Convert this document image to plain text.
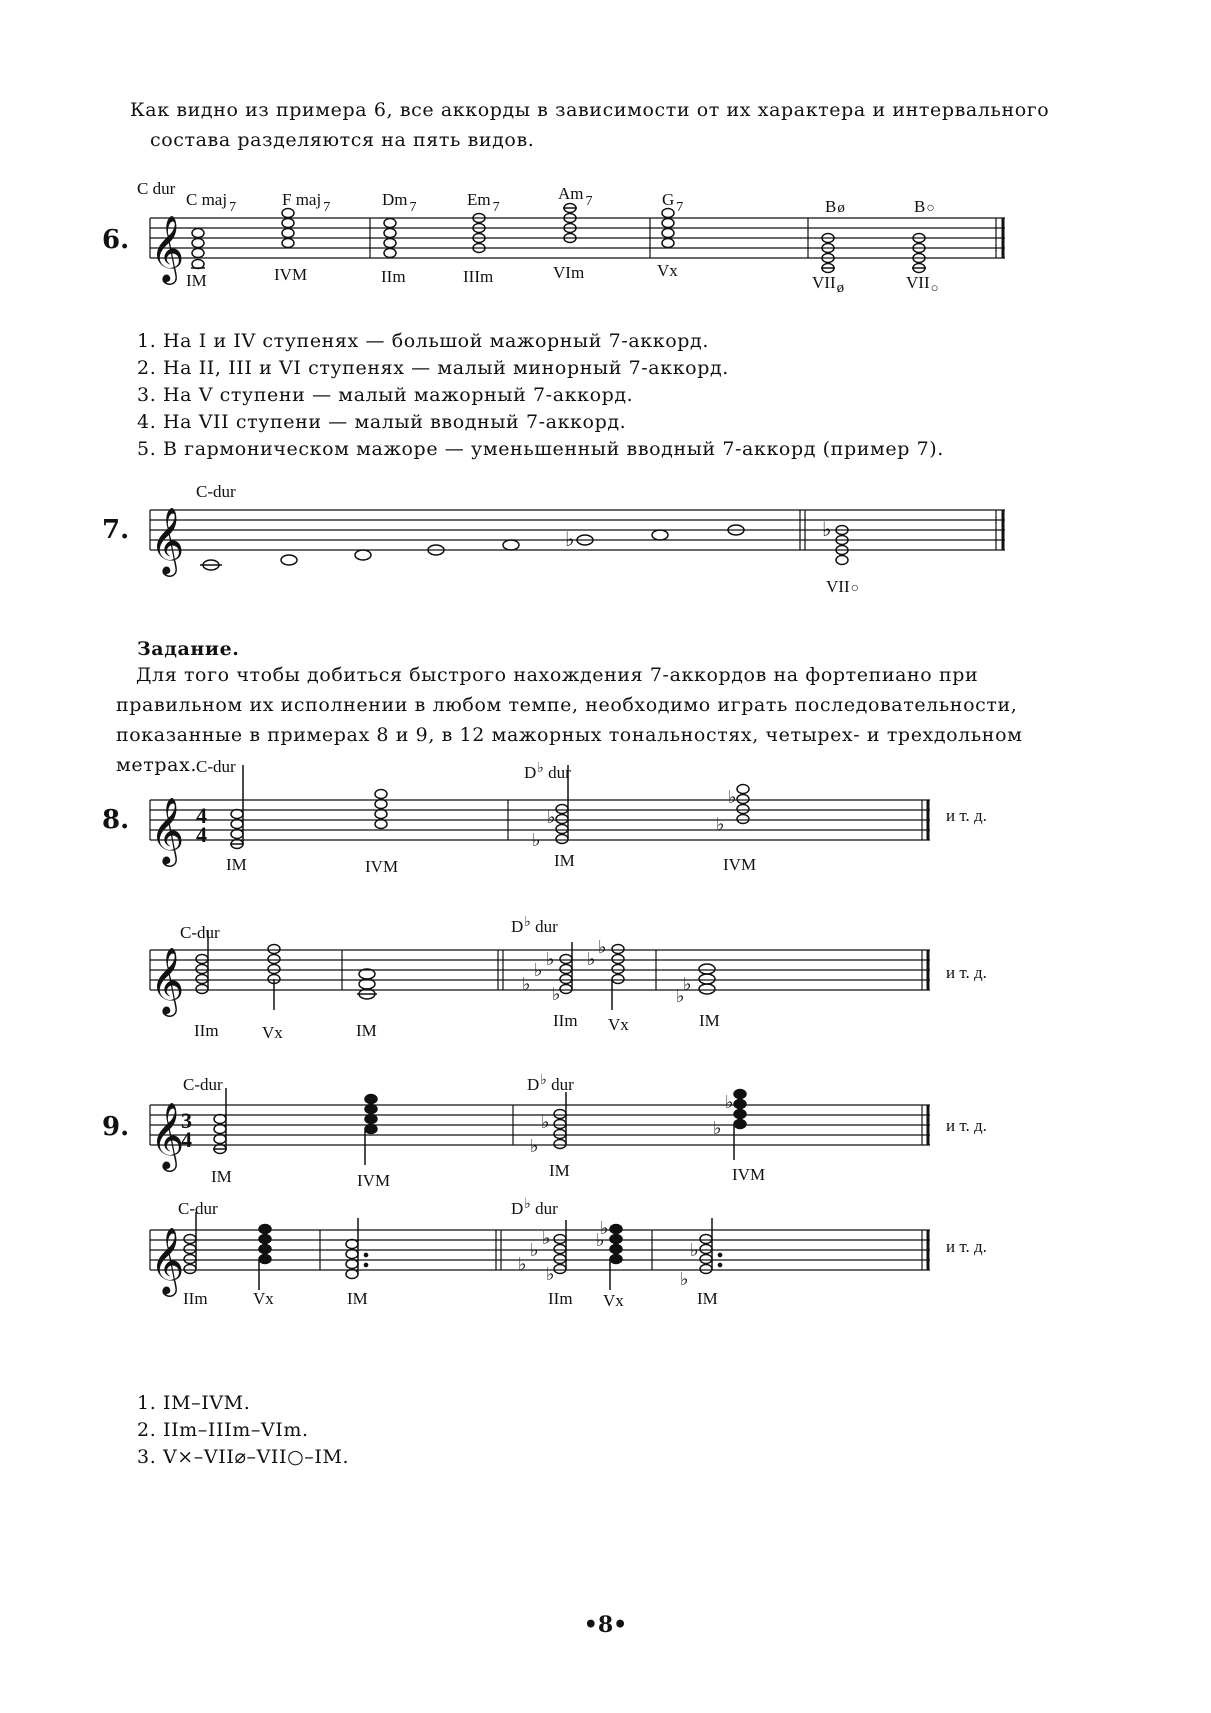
Как видно из примера 6, все аккорды в зависимости от их характера и интервального состава разделяются на пять видов.
6. 𝄞
C dur
C maj $_7$	F maj $_7$	Dm $_7$	Em $_7$
Am $_7$	G $_7$	Bø	B○
IM	IVM	IIm	IIIm	VIm	Vx
VIIø	$VII_○$
1. На I и IV ступенях — большой мажорный 7-аккорд.
2. На II, III и VI ступенях — малый минорный 7-аккорд.
3. На V ступени — малый мажорный 7-аккорд.
4. На VII ступени — малый вводный 7-аккорд.
5. В гармоническом мажоре — уменьшенный вводный 7-аккорд (пример 7).
7. 𝄞
C-dur
♭	♭
VII○
Задание.
Для того чтобы добиться быстрого нахождения 7-аккордов на фортепиано при правильном их исполнении в любом темпе, необходимо играть последовательности, показанные в примерах 8 и 9, в 12 мажорных тональностях, четырех- и трехдольном метрах.
8. 𝄞 4
4
C-dur	D♭ dur
♭
♭	♭
♭
IM	IVM	IM	IVM
и т. д.
𝄞
C-dur	D♭ dur
♭
♭
♭
♭
♭
♭
♭
♭
IIm	Vx	IM
IIm Vx	IM
и т. д.
9. 𝄞
3
4
C-dur	D♭ dur
♭
♭	♭
♭
IM	IVM
IM	IVM
и т. д.
𝄞
C-dur	D♭ dur
♭
♭
♭
♭
♭
♭
♭
♭
IIm	Vx	IM	IIm Vx	IM
и т. д.
1. IM–IVM.
2. IIm–IIIm–VIm.
3. V×–VII⌀–VII○–IM.
•8•
